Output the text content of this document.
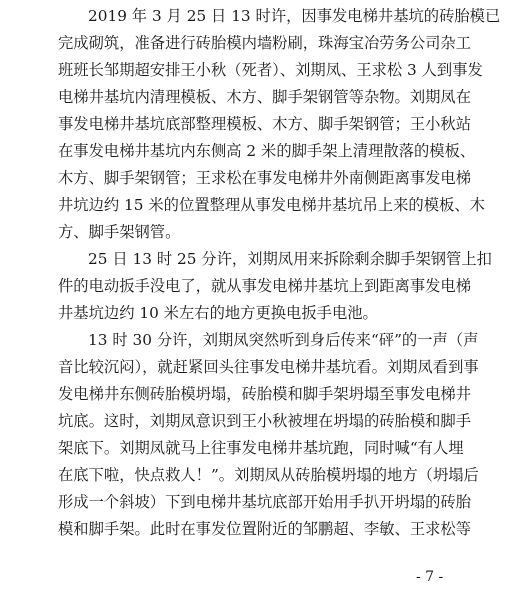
2019 年 3 月 25 日 13 时许，因事发电梯井基坑的砖胎模已
完成砌筑，准备进行砖胎模内墙粉刷，珠海宝冶劳务公司杂工
班班长邹期超安排王小秋（死者）、刘期凤、王求松 3 人到事发
电梯井基坑内清理模板、木方、脚手架钢管等杂物。刘期凤在
事发电梯井基坑底部整理模板、木方、脚手架钢管；王小秋站
在事发电梯井基坑内东侧高 2 米的脚手架上清理散落的模板、
木方、脚手架钢管；王求松在事发电梯井外南侧距离事发电梯
井坑边约 15 米的位置整理从事发电梯井基坑吊上来的模板、木
方、脚手架钢管。
25 日 13 时 25 分许，刘期凤用来拆除剩余脚手架钢管上扣
件的电动扳手没电了，就从事发电梯井基坑上到距离事发电梯
井基坑边约 10 米左右的地方更换电扳手电池。
13 时 30 分许，刘期凤突然听到身后传来“砰”的一声（声
音比较沉闷），就赶紧回头往事发电梯井基坑看。刘期凤看到事
发电梯井东侧砖胎模坍塌，砖胎模和脚手架坍塌至事发电梯井
坑底。这时，刘期凤意识到王小秋被埋在坍塌的砖胎模和脚手
架底下。刘期凤就马上往事发电梯井基坑跑，同时喊“有人埋
在底下啦，快点救人！”。刘期凤从砖胎模坍塌的地方（坍塌后
形成一个斜坡）下到电梯井基坑底部开始用手扒开坍塌的砖胎
模和脚手架。此时在事发位置附近的邹鹏超、李敏、王求松等
- 7 -
